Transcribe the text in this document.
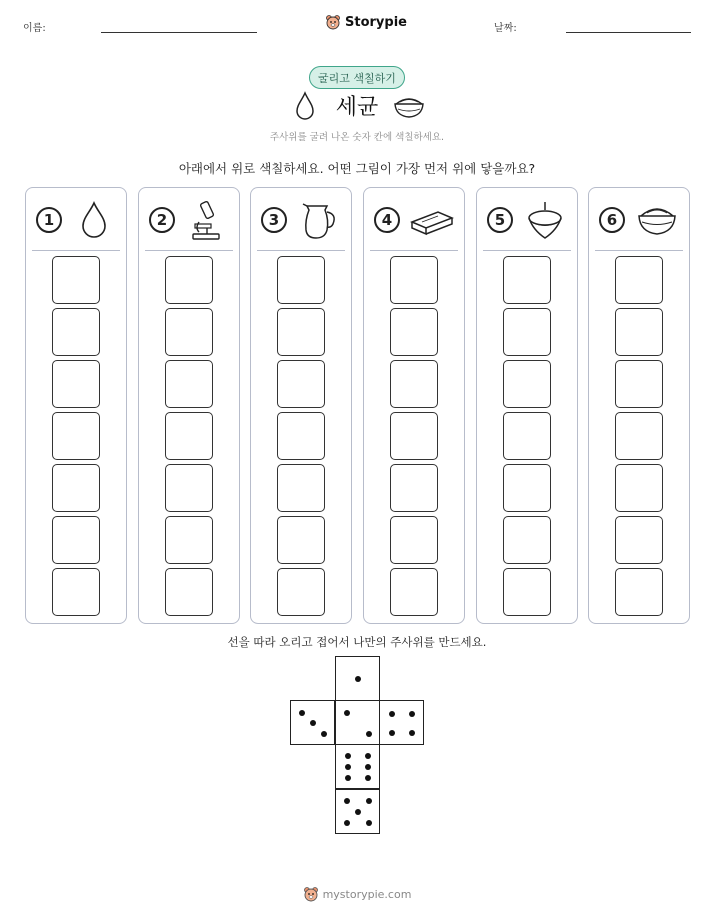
이름:	Storypie	날짜:
굴리고 색칠하기
세균
주사위를 굴려 나온 숫자 칸에 색칠하세요.
아래에서 위로 색칠하세요. 어떤 그림이 가장 먼저 위에 닿을까요?
1	2	3	4	5	6
선을 따라 오리고 접어서 나만의 주사위를 만드세요.
mystorypie.com
